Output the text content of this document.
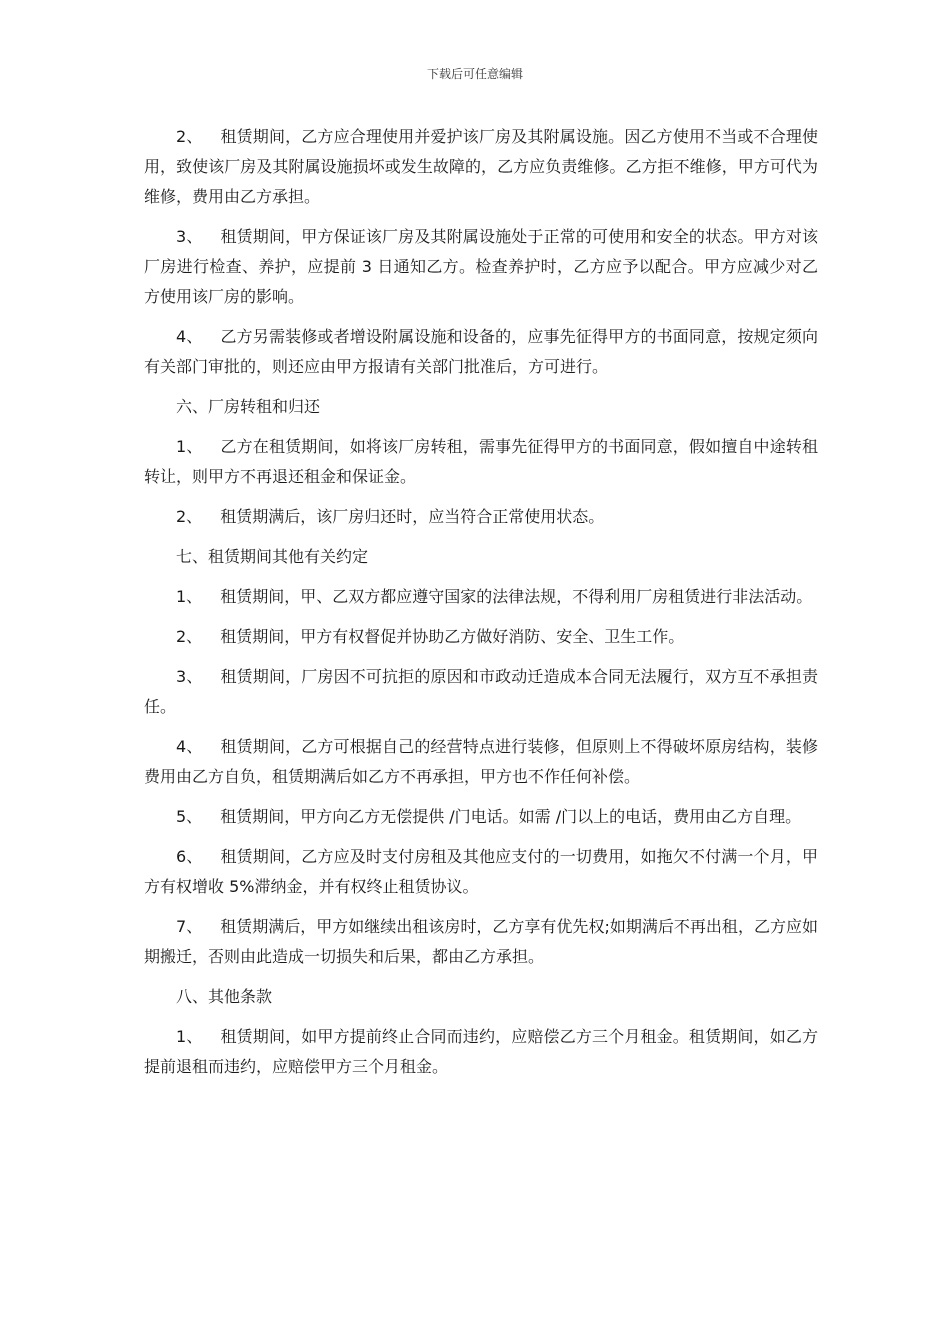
下载后可任意编辑

2、 租赁期间，乙方应合理使用并爱护该厂房及其附属设施。因乙方使用不当或不合理使用，致使该厂房及其附属设施损坏或发生故障的，乙方应负责维修。乙方拒不维修，甲方可代为维修，费用由乙方承担。

3、 租赁期间，甲方保证该厂房及其附属设施处于正常的可使用和安全的状态。甲方对该厂房进行检查、养护，应提前 3 日通知乙方。检查养护时，乙方应予以配合。甲方应减少对乙方使用该厂房的影响。

4、 乙方另需装修或者增设附属设施和设备的，应事先征得甲方的书面同意，按规定须向有关部门审批的，则还应由甲方报请有关部门批准后，方可进行。

六、厂房转租和归还

1、 乙方在租赁期间，如将该厂房转租，需事先征得甲方的书面同意，假如擅自中途转租转让，则甲方不再退还租金和保证金。

2、 租赁期满后，该厂房归还时，应当符合正常使用状态。

七、租赁期间其他有关约定

1、 租赁期间，甲、乙双方都应遵守国家的法律法规，不得利用厂房租赁进行非法活动。

2、 租赁期间，甲方有权督促并协助乙方做好消防、安全、卫生工作。

3、 租赁期间，厂房因不可抗拒的原因和市政动迁造成本合同无法履行，双方互不承担责任。

4、 租赁期间，乙方可根据自己的经营特点进行装修，但原则上不得破坏原房结构，装修费用由乙方自负，租赁期满后如乙方不再承担，甲方也不作任何补偿。

5、 租赁期间，甲方向乙方无偿提供 /门电话。如需 /门以上的电话，费用由乙方自理。

6、 租赁期间，乙方应及时支付房租及其他应支付的一切费用，如拖欠不付满一个月，甲方有权增收 5%滞纳金，并有权终止租赁协议。

7、 租赁期满后，甲方如继续出租该房时，乙方享有优先权;如期满后不再出租，乙方应如期搬迁，否则由此造成一切损失和后果，都由乙方承担。

八、其他条款

1、 租赁期间，如甲方提前终止合同而违约，应赔偿乙方三个月租金。租赁期间，如乙方提前退租而违约，应赔偿甲方三个月租金。
